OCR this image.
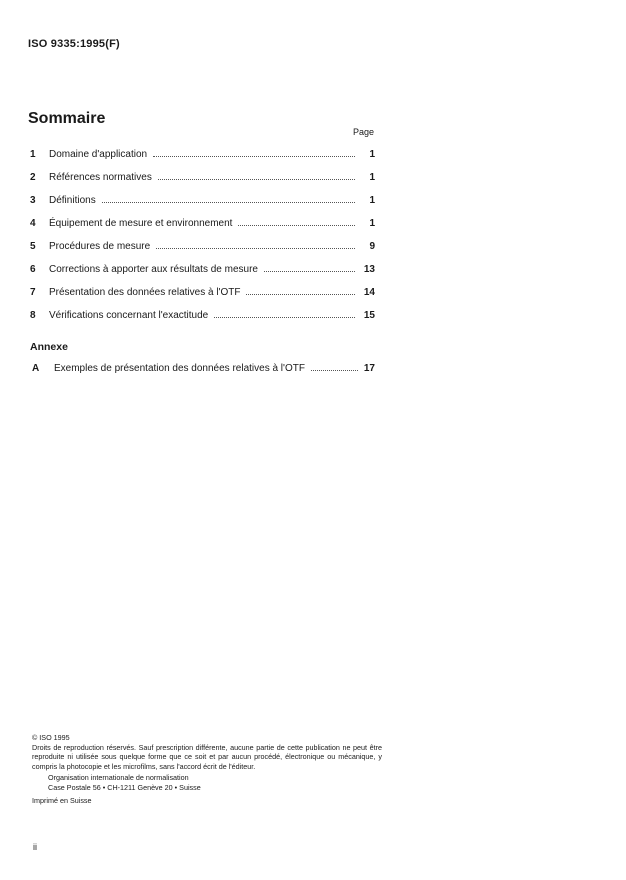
ISO 9335:1995(F)
Sommaire
Page
1	Domaine d'application	1
2	Références normatives	1
3	Définitions	1
4	Équipement de mesure et environnement	1
5	Procédures de mesure	9
6	Corrections à apporter aux résultats de mesure	13
7	Présentation des données relatives à l'OTF	14
8	Vérifications concernant l'exactitude	15
Annexe
A	Exemples de présentation des données relatives à l'OTF	17
© ISO 1995
Droits de reproduction réservés. Sauf prescription différente, aucune partie de cette publication ne peut être reproduite ni utilisée sous quelque forme que ce soit et par aucun procédé, électronique ou mécanique, y compris la photocopie et les microfilms, sans l'accord écrit de l'éditeur.
Organisation internationale de normalisation
Case Postale 56 • CH-1211 Genève 20 • Suisse
Imprimé en Suisse
ii
